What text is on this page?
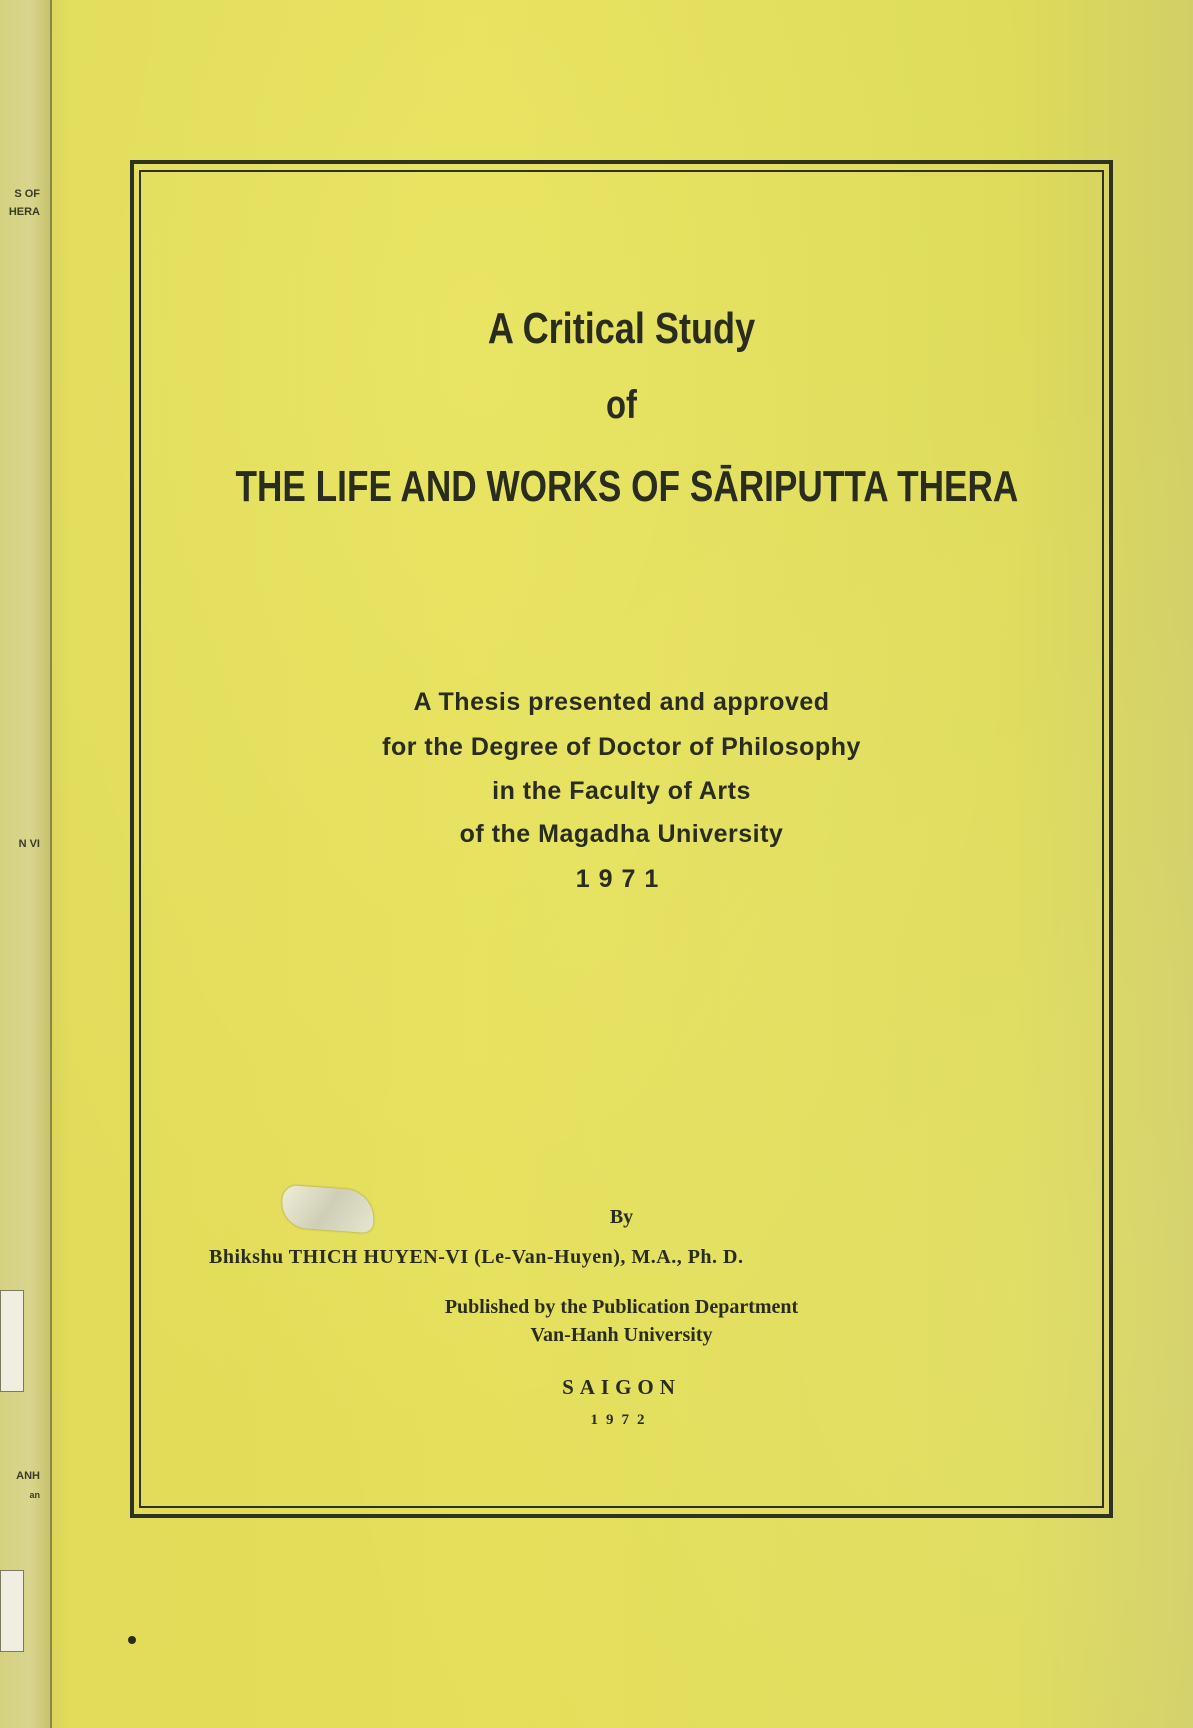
S OF
HERA
N VI
ANH
an
A Critical Study
of
THE LIFE AND WORKS OF SĀRIPUTTA THERA
A Thesis presented and approved
for the Degree of Doctor of Philosophy
in the Faculty of Arts
of the Magadha University
1971
By
Bhikshu THICH HUYEN-VI (Le-Van-Huyen), M.A., Ph. D.
Published by the Publication Department
Van-Hanh University
SAIGON
1972
